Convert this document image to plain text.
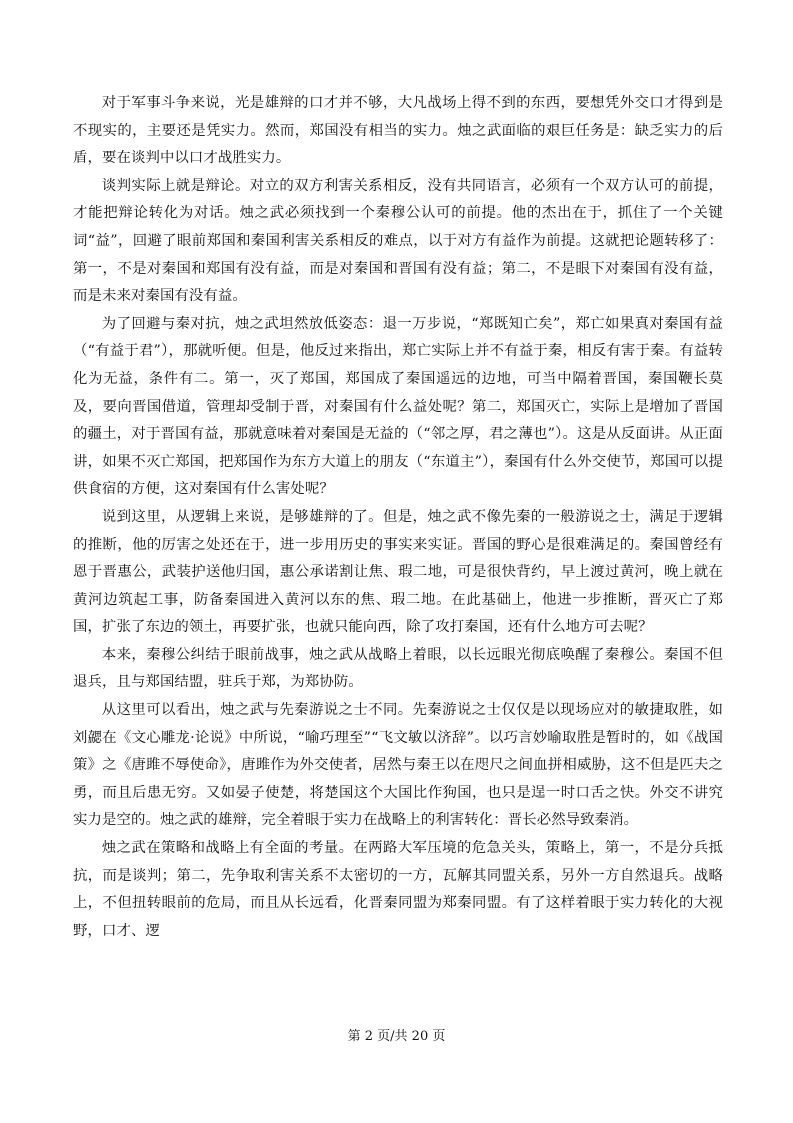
对于军事斗争来说，光是雄辩的口才并不够，大凡战场上得不到的东西，要想凭外交口才得到是不现实的，主要还是凭实力。然而，郑国没有相当的实力。烛之武面临的艰巨任务是：缺乏实力的后盾，要在谈判中以口才战胜实力。

谈判实际上就是辩论。对立的双方利害关系相反，没有共同语言，必须有一个双方认可的前提，才能把辩论转化为对话。烛之武必须找到一个秦穆公认可的前提。他的杰出在于，抓住了一个关键词“益”，回避了眼前郑国和秦国利害关系相反的难点，以于对方有益作为前提。这就把论题转移了：第一，不是对秦国和郑国有没有益，而是对秦国和晋国有没有益；第二，不是眼下对秦国有没有益，而是未来对秦国有没有益。

为了回避与秦对抗，烛之武坦然放低姿态：退一万步说，“郑既知亡矣”，郑亡如果真对秦国有益（“有益于君”），那就听便。但是，他反过来指出，郑亡实际上并不有益于秦，相反有害于秦。有益转化为无益，条件有二。第一，灭了郑国，郑国成了秦国遥远的边地，可当中隔着晋国，秦国鞭长莫及，要向晋国借道，管理却受制于晋，对秦国有什么益处呢？第二，郑国灭亡，实际上是增加了晋国的疆土，对于晋国有益，那就意味着对秦国是无益的（“邻之厚，君之薄也”）。这是从反面讲。从正面讲，如果不灭亡郑国，把郑国作为东方大道上的朋友（“东道主”），秦国有什么外交使节，郑国可以提供食宿的方便，这对秦国有什么害处呢？

说到这里，从逻辑上来说，是够雄辩的了。但是，烛之武不像先秦的一般游说之士，满足于逻辑的推断，他的厉害之处还在于，进一步用历史的事实来实证。晋国的野心是很难满足的。秦国曾经有恩于晋惠公，武装护送他归国，惠公承诺割让焦、瑕二地，可是很快背约，早上渡过黄河，晚上就在黄河边筑起工事，防备秦国进入黄河以东的焦、瑕二地。在此基础上，他进一步推断，晋灭亡了郑国，扩张了东边的领土，再要扩张，也就只能向西，除了攻打秦国，还有什么地方可去呢？

本来，秦穆公纠结于眼前战事，烛之武从战略上着眼，以长远眼光彻底唤醒了秦穆公。秦国不但退兵，且与郑国结盟，驻兵于郑，为郑协防。

从这里可以看出，烛之武与先秦游说之士不同。先秦游说之士仅仅是以现场应对的敏捷取胜，如刘勰在《文心雕龙·论说》中所说，“喻巧理至”“飞文敏以济辞”。以巧言妙喻取胜是暂时的，如《战国策》之《唐雎不辱使命》，唐雎作为外交使者，居然与秦王以在咫尺之间血拼相威胁，这不但是匹夫之勇，而且后患无穷。又如晏子使楚，将楚国这个大国比作狗国，也只是逞一时口舌之快。外交不讲究实力是空的。烛之武的雄辩，完全着眼于实力在战略上的利害转化：晋长必然导致秦消。

烛之武在策略和战略上有全面的考量。在两路大军压境的危急关头，策略上，第一，不是分兵抵抗，而是谈判；第二，先争取利害关系不太密切的一方，瓦解其同盟关系，另外一方自然退兵。战略上，不但扭转眼前的危局，而且从长远看，化晋秦同盟为郑秦同盟。有了这样着眼于实力转化的大视野，口才、逻

第 2 页/共 20 页
